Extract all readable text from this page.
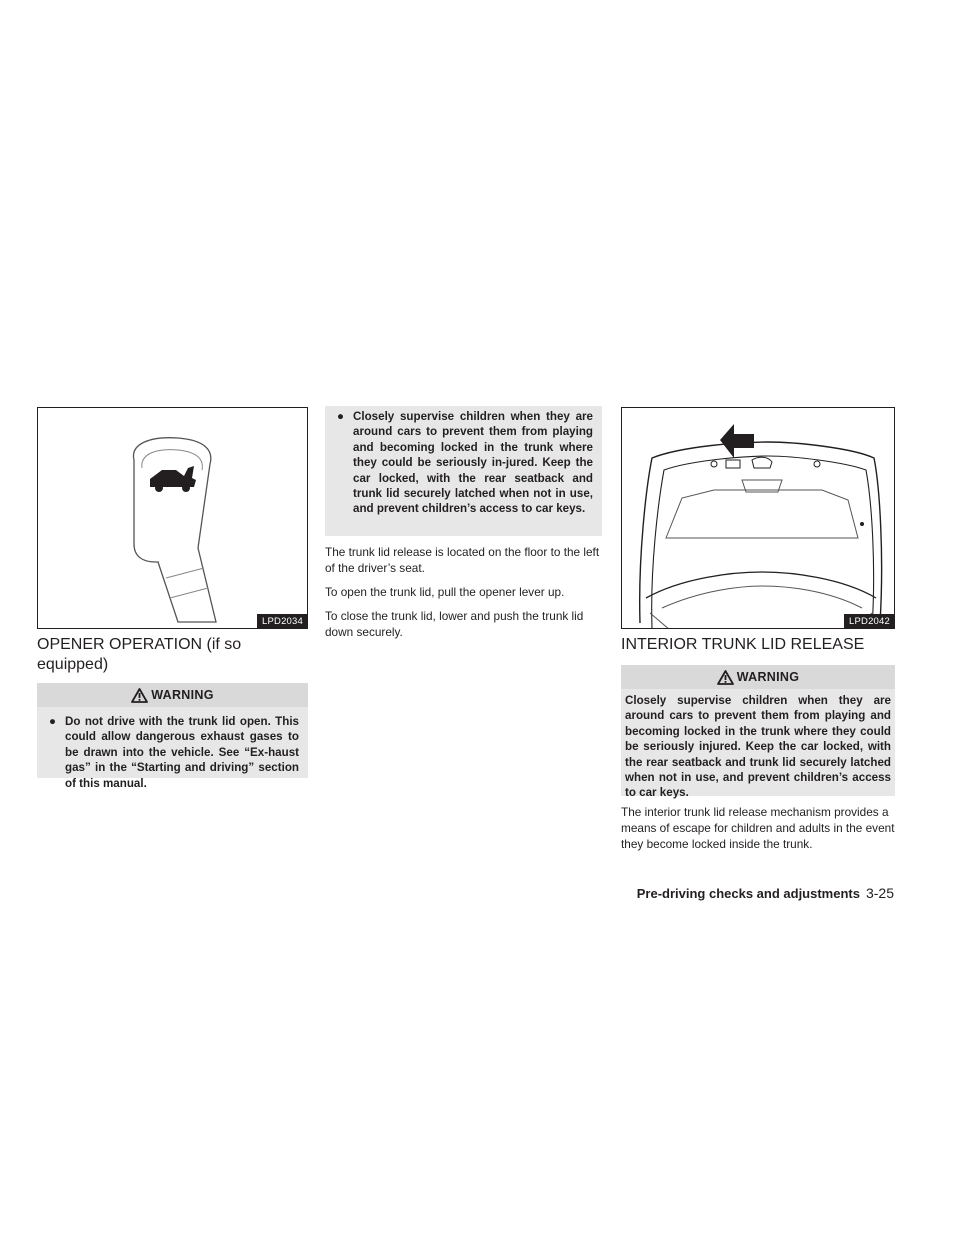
LPD2034
OPENER OPERATION (if so equipped)
WARNING
● Do not drive with the trunk lid open. This could allow dangerous exhaust gases to be drawn into the vehicle. See “Ex-haust gas” in the “Starting and driving” section of this manual.
● Closely supervise children when they are around cars to prevent them from playing and becoming locked in the trunk where they could be seriously in-jured. Keep the car locked, with the rear seatback and trunk lid securely latched when not in use, and prevent children’s access to car keys.

The trunk lid release is located on the floor to the left of the driver’s seat.

To open the trunk lid, pull the opener lever up.

To close the trunk lid, lower and push the trunk lid down securely.

LPD2042
INTERIOR TRUNK LID RELEASE
WARNING
Closely supervise children when they are around cars to prevent them from playing and becoming locked in the trunk where they could be seriously injured. Keep the car locked, with the rear seatback and trunk lid securely latched when not in use, and prevent children’s access to car keys.

The interior trunk lid release mechanism provides a means of escape for children and adults in the event they become locked inside the trunk.

Pre-driving checks and adjustments 3-25
